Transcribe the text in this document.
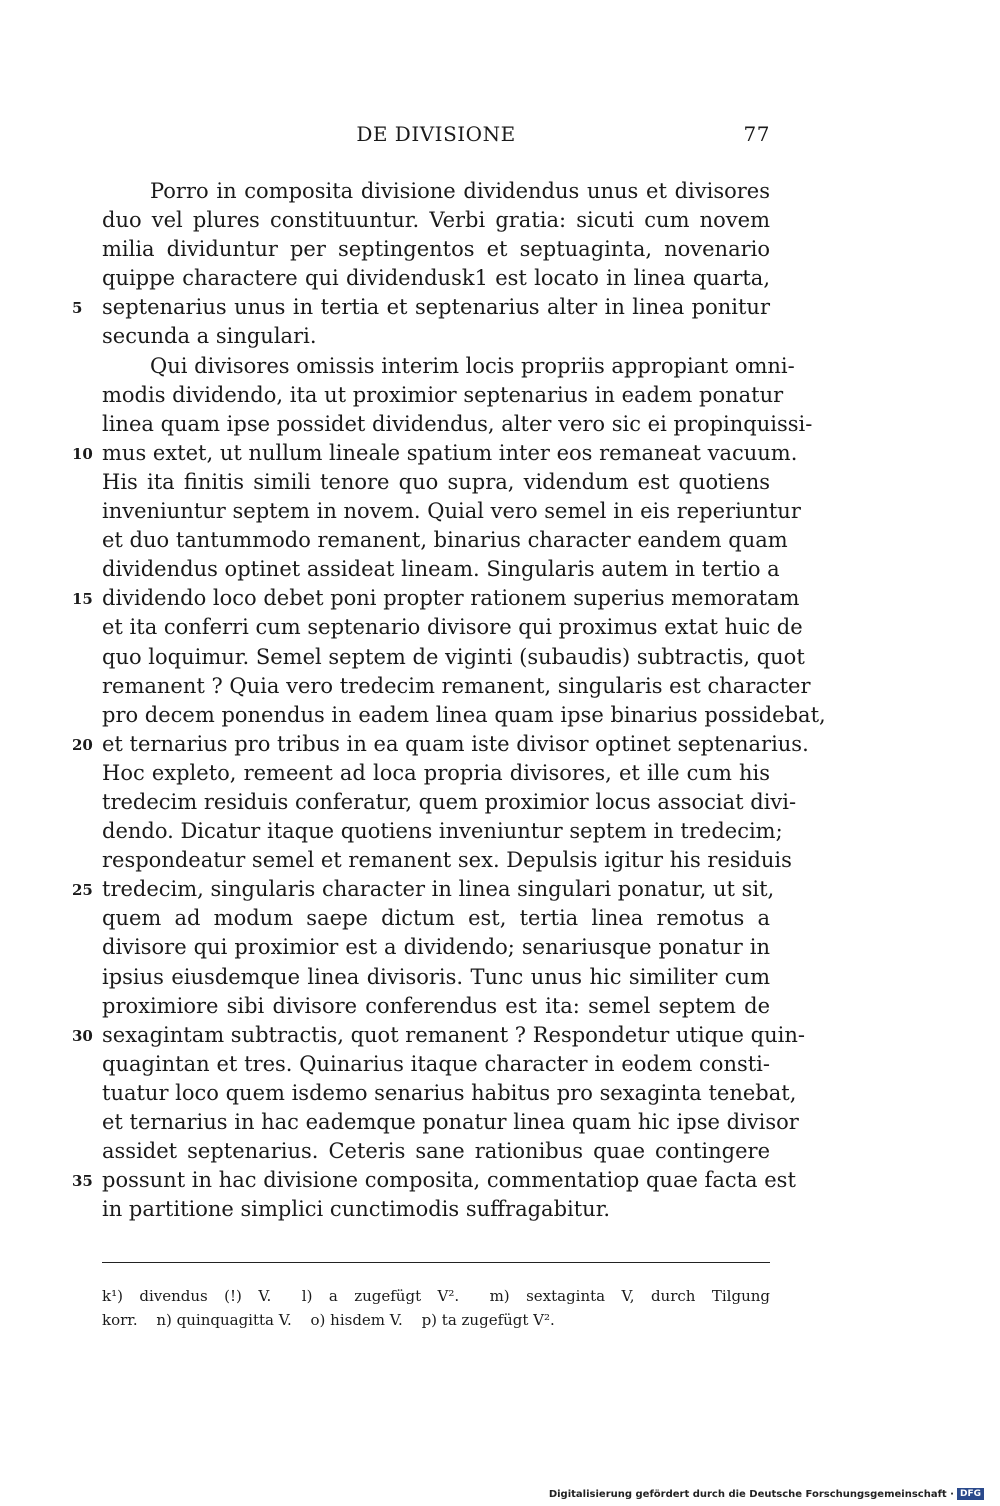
DE DIVISIONE	77
Porro in composita divisione dividendus unus et divisores
duo vel plures constituuntur. Verbi gratia: sicuti cum novem
milia dividuntur per septingentos et septuaginta, novenario
quippe charactere qui dividendusk1 est locato in linea quarta,
5 septenarius unus in tertia et septenarius alter in linea ponitur
secunda a singulari.
Qui divisores omissis interim locis propriis appropiant omni-
modis dividendo, ita ut proximior septenarius in eadem ponatur
linea quam ipse possidet dividendus, alter vero sic ei propinquissi-
10 mus extet, ut nullum lineale spatium inter eos remaneat vacuum.
His ita finitis simili tenore quo supra, videndum est quotiens
inveniuntur septem in novem. Quial vero semel in eis reperiuntur
et duo tantummodo remanent, binarius character eandem quam
dividendus optinet assideat lineam. Singularis autem in tertio a
15 dividendo loco debet poni propter rationem superius memoratam
et ita conferri cum septenario divisore qui proximus extat huic de
quo loquimur. Semel septem de viginti (subaudis) subtractis, quot
remanent ? Quia vero tredecim remanent, singularis est character
pro decem ponendus in eadem linea quam ipse binarius possidebat,
20 et ternarius pro tribus in ea quam iste divisor optinet septenarius.
Hoc expleto, remeent ad loca propria divisores, et ille cum his
tredecim residuis conferatur, quem proximior locus associat divi-
dendo. Dicatur itaque quotiens inveniuntur septem in tredecim;
respondeatur semel et remanent sex. Depulsis igitur his residuis
25 tredecim, singularis character in linea singulari ponatur, ut sit,
quem ad modum saepe dictum est, tertia linea remotus a
divisore qui proximior est a dividendo; senariusque ponatur in
ipsius eiusdemque linea divisoris. Tunc unus hic similiter cum
proximiore sibi divisore conferendus est ita: semel septem de
30 sexagintam subtractis, quot remanent ? Respondetur utique quin-
quagintan et tres. Quinarius itaque character in eodem consti-
tuatur loco quem isdemo senarius habitus pro sexaginta tenebat,
et ternarius in hac eademque ponatur linea quam hic ipse divisor
assidet septenarius. Ceteris sane rationibus quae contingere
35 possunt in hac divisione composita, commentatiop quae facta est
in partitione simplici cunctimodis suffragabitur.
k¹) divendus (!) V. l) a zugefügt V². m) sextaginta V, durch Tilgung
korr. n) quinquagitta V. o) hisdem V. p) ta zugefügt V².
Digitalisierung gefördert durch die Deutsche Forschungsgemeinschaft · DFG
